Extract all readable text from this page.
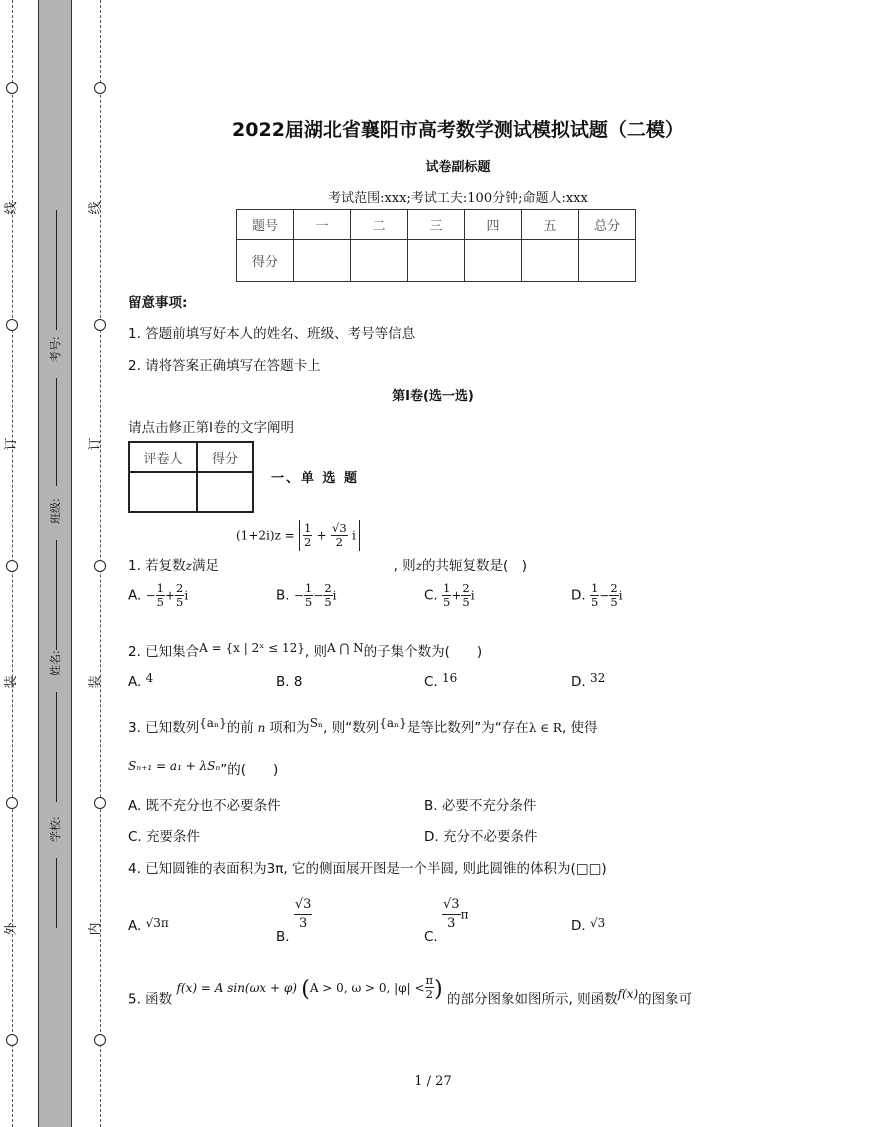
线
订
装
外
线
订
装
内
考号:
班级:
姓名:
学校:
2022届湖北省襄阳市高考数学测试模拟试题（二模）
试卷副标题
考试范围:xxx;考试工夫:100分钟;命题人:xxx
题号	一	二	三	四	五	总分
得分						
留意事项:
1. 答题前填写好本人的姓名、班级、考号等信息
2. 请将答案正确填写在答题卡上
第I卷(选一选)
请点击修正第I卷的文字阐明
评卷人	得分

一、单 选 题
$(1+2i)z = \frac{1}{2} + \frac{√3}{2}$ i
1. 若复数z满足	, 则z的共轭复数是(　)
A. − $\frac{1}{5} + \frac{2}{5}$ i	B. − $\frac{1}{5} - \frac{2}{5}$ i	C. $\frac{1}{5} + \frac{2}{5}$ i	D. $\frac{1}{5} - \frac{2}{5}$ i
2. 已知集合A = {x | 2ˣ ≤ 12}, 则A ⋂ N的子集个数为(　　)
A. 4	B. 8	C. 16	D. 32
3. 已知数列{aₙ}的前 n 项和为Sₙ, 则“数列{aₙ}是等比数列”为“存在λ ∈ R, 使得
Sₙ₊₁ = a₁ + λSₙ”的(　　)
A. 既不充分也不必要条件	B. 必要不充分条件
C. 充要条件	D. 充分不必要条件
4. 已知圆锥的表面积为3π, 它的侧面展开图是一个半圆, 则此圆锥的体积为(□□)
A. √3π
B.
$\frac{√3}{3}$
C.
$\frac{√3}{3}$ π
D. √3
5. 函数 f(x) = A sin(ωx + φ) (A > 0, ω > 0, $|\varphi| < \frac{\pi}{2}$ ) 的部分图象如图所示, 则函数f(x)的图象可
1 / 27
